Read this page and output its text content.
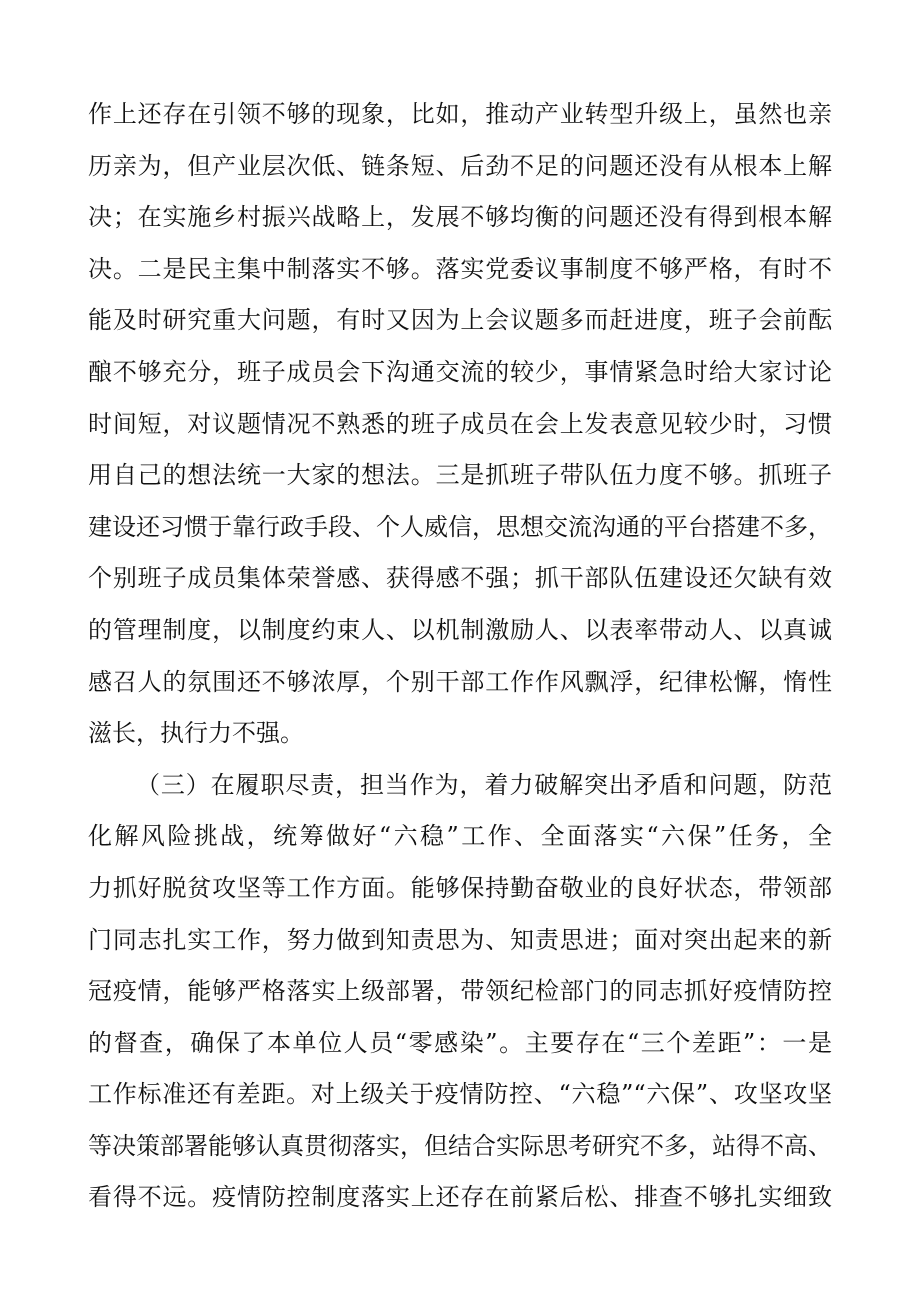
作上还存在引领不够的现象，比如，推动产业转型升级上，虽然也亲
历亲为，但产业层次低、链条短、后劲不足的问题还没有从根本上解
决；在实施乡村振兴战略上，发展不够均衡的问题还没有得到根本解
决。二是民主集中制落实不够。落实党委议事制度不够严格，有时不
能及时研究重大问题，有时又因为上会议题多而赶进度，班子会前酝
酿不够充分，班子成员会下沟通交流的较少，事情紧急时给大家讨论
时间短，对议题情况不熟悉的班子成员在会上发表意见较少时，习惯
用自己的想法统一大家的想法。三是抓班子带队伍力度不够。抓班子
建设还习惯于靠行政手段、个人威信，思想交流沟通的平台搭建不多，
个别班子成员集体荣誉感、获得感不强；抓干部队伍建设还欠缺有效
的管理制度，以制度约束人、以机制激励人、以表率带动人、以真诚
感召人的氛围还不够浓厚，个别干部工作作风飘浮，纪律松懈，惰性
滋长，执行力不强。
（三）在履职尽责，担当作为，着力破解突出矛盾和问题，防范
化解风险挑战，统筹做好“六稳”工作、全面落实“六保”任务，全
力抓好脱贫攻坚等工作方面。能够保持勤奋敬业的良好状态，带领部
门同志扎实工作，努力做到知责思为、知责思进；面对突出起来的新
冠疫情，能够严格落实上级部署，带领纪检部门的同志抓好疫情防控
的督查，确保了本单位人员“零感染”。主要存在“三个差距”：一是
工作标准还有差距。对上级关于疫情防控、“六稳”“六保”、攻坚攻坚
等决策部署能够认真贯彻落实，但结合实际思考研究不多，站得不高、
看得不远。疫情防控制度落实上还存在前紧后松、排查不够扎实细致
